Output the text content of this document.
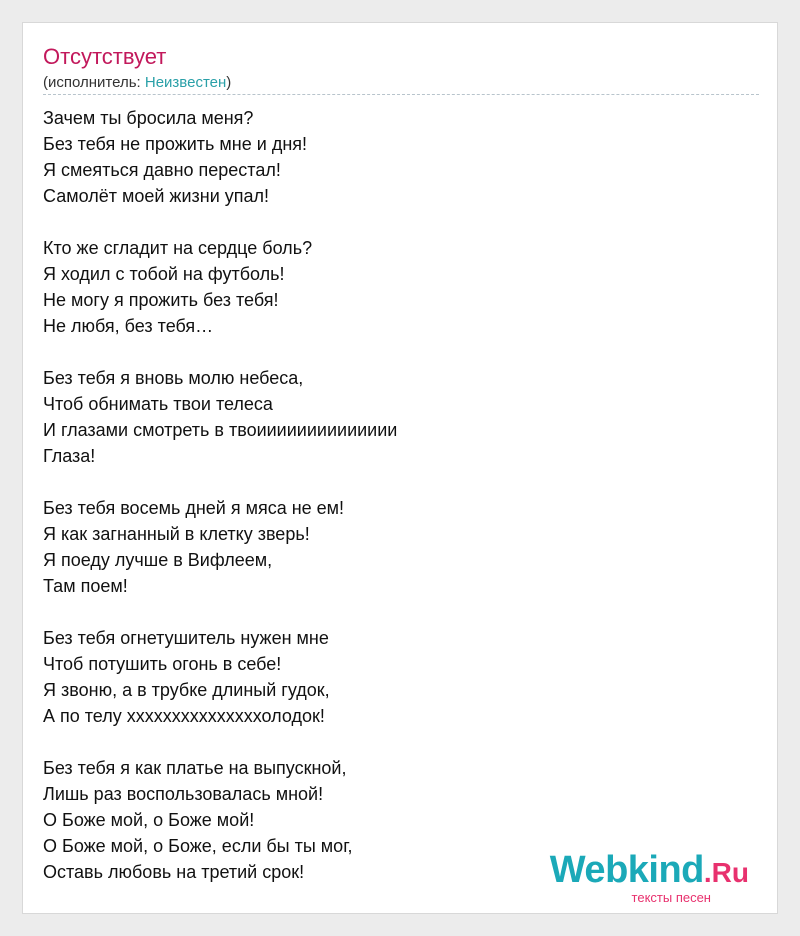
Отсутствует
(исполнитель: Неизвестен)
Зачем ты бросила меня?
Без тебя не прожить мне и дня!
Я смеяться давно перестал!
Самолёт моей жизни упал!
Кто же сгладит на сердце боль?
Я ходил с тобой на футболь!
Не могу я прожить без тебя!
Не любя, без тебя…
Без тебя я вновь молю небеса,
Чтоб обнимать твои телеса
И глазами смотреть в твоииииииииииииии
Глаза!
Без тебя восемь дней я мяса не ем!
Я как загнанный в клетку зверь!
Я поеду лучше в Вифлеем,
Там поем!
Без тебя огнетушитель нужен мне
Чтоб потушить огонь в себе!
Я звоню, а в трубке длиный гудок,
А по телу хххххххххххххххолодок!
Без тебя я как платье на выпускной,
Лишь раз воспользовалась мной!
О Боже мой, о Боже мой!
О Боже мой, о Боже, если бы ты мог,
Оставь любовь на третий срок!	Webkind.Ru
тексты песен
